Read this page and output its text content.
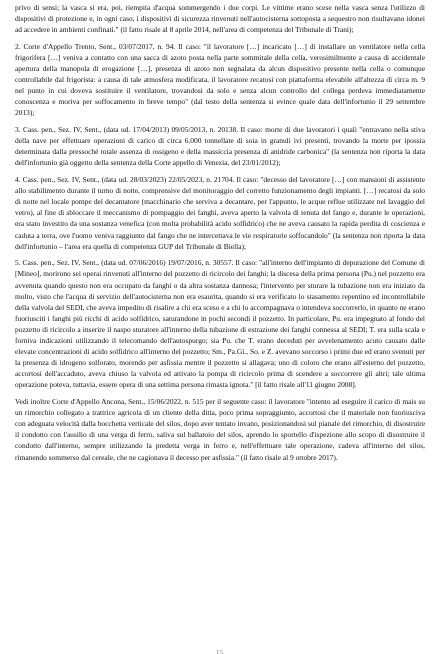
privo di sensi; la vasca si era, poi, riempita d'acqua sommergendo i due corpi. Le vittime erano scese nella vasca senza l'utilizzo di dispositivi di protezione e, in ogni caso, i dispositivi di sicurezza rinvenuti nell'autocisterna sottoposta a sequestro non risultavano idonei ad accedere in ambienti confinati." (il fatto risale al 8 aprile 2014, nell'area di competenza del Tribunale di Trani);

2. Corte d'Appello Trento, Sent., 03/07/2017, n. 94. Il caso: "il lavoratore […] incaricato […] di installare un ventilatore nella cella frigorifera […] veniva a contatto con una sacca di azoto posta nella parte sommitale della cella, verosimilmente a causa di accidentale apertura della manopola di erogazione […], presenza di azoto non segnalata da alcun dispositivo presente nella cella o comunque controllabile dal frigorista: a causa di tale atmosfera modificata, il lavoratore recatosi con piattaforma elevabile all'altezza di circa m. 9 nel punto in cui doveva sostituire il ventilatore, trovandosi da solo e senza alcun controllo del collega perdeva immediatamente conoscenza e moriva per soffocamento in breve tempo" (dal testo della sentenza si evince quale data dell'infortunio il 29 settembre 2013);

3. Cass. pen., Sez. IV, Sent., (data ud. 17/04/2013) 09/05/2013, n. 20138. Il caso: morte di due lavoratori i quali "entravano nella stiva della nave per effettuare operazioni di carico di circa 6.000 tonnellate di soia in granuli ivi presenti, trovando la morte per ipossia determinata dalla pressoché totale assenza di ossigeno e della massiccia presenza di anidride carbonica" (la sentenza non riporta la data dell'infortunio già oggetto della sentenza della Corte appello di Venezia, del 23/01/2012);

4. Cass. pen., Sez. IV, Sent., (data ud. 28/03/2023) 22/05/2023, n. 21704. Il caso: "decesso del lavoratore […] con mansioni di assistente allo stabilimento durante il turno di notte, comprensive del monitoraggio del corretto funzionamento degli impianti. […] recatosi da solo di notte nel locale pompe del decantatore (macchinario che serviva a decantare, per l'appunto, le acque reflue utilizzate nel lavaggio del vetro), al fine di sbloccare il meccanismo di pompaggio dei fanghi, aveva aperto la valvola di tenuta del fango e, durante le operazioni, era stato investito da una sostanza venefica (con molta probabilità acido solfidrico) che ne aveva causato la rapida perdita di coscienza e caduta a terra, ove l'uomo veniva raggiunto dal fango che ne intercettava le vie respiratorie soffocandolo" (la sentenza non riporta la data dell'infortunio – l'area era quella di competenza GUP del Tribunale di Biella);

5. Cass. pen., Sez. IV, Sent., (data ud. 07/06/2016) 19/07/2016, n. 30557. Il caso: "all'interno dell'impianto di depurazione del Comune di [Mineo], morirono sei operai rinvenuti all'interno del pozzetto di ricircolo dei fanghi; la discesa della prima persona (Pu.) nel pozzetto era avvenuta quando questo non era occupato da fanghi o da altra sostanza dannosa; l'intervento per sturare la tubazione non era iniziato da molto, visto che l'acqua di servizio dell'autocisterna non era esaurita, quando si era verificato lo stasamento repentino ed incontrollabile della valvola del SEDI, che aveva impedito di risalire a chi era sceso e a chi lo accompagnava o intendeva soccorrerlo, in quanto ne erano fuoriusciti i fanghi più ricchi di acido solfidrico, saturandone in pochi secondi il pozzetto. In particolare, Pu. era impegnato al fondo del pozzetto di ricircolo a inserire il naspo sturatore all'interno della tubazione di estrazione dei fanghi connessa al SEDI; T. era sulla scala e forniva indicazioni utilizzando il telecomando dell'autospurgo; sia Pu. che T. erano deceduti per avvelenamento acuto causato dalle elevate concentrazioni di acido solfidrico all'interno del pozzetto; Sm., Pa.Gi., So. e Z. avevano soccorso i primi due ed erano svenuti per la presenza di idrogeno solforato, morendo per asfissia mentre il pozzetto si allagava; uno di coloro che erano all'esterno del pozzetto, accortosi dell'accaduto, aveva chiuso la valvola ed attivato la pompa di ricircolo prima di scendere a soccorrere gli altri; tale ultima operazione poteva, tuttavia, essere opera di una settima persona rimasta ignota." [il fatto risale all'11 giugno 2008].

Vedi inoltre Corte d'Appello Ancona, Sent., 15/06/2022, n. 515 per il seguente caso: il lavoratore "intento ad eseguire il carico di mais su un rimorchio collegato a trattrice agricola di un cliente della ditta, poco prima sopraggiunto, accortosi che il materiale non fuoriusciva con adeguata velocità dalla bocchetta verticale del silos, dopo aver tentato invano, posizionandosi sul pianale del rimorchio, di disostruire il condotto con l'ausilio di una verga di ferro, saliva sul ballatoio del silos, aprendo lo sportello d'ispezione allo scopo di disostruire il condotto dall'interno, sempre utilizzando la predetta verga in ferro e, nell'effettuare tale operazione, cadeva all'interno del silos, rimanendo sommerso dal cereale, che ne cagionava il decesso per asfissia." (il fatto risale al 9 ottobre 2017).

15
